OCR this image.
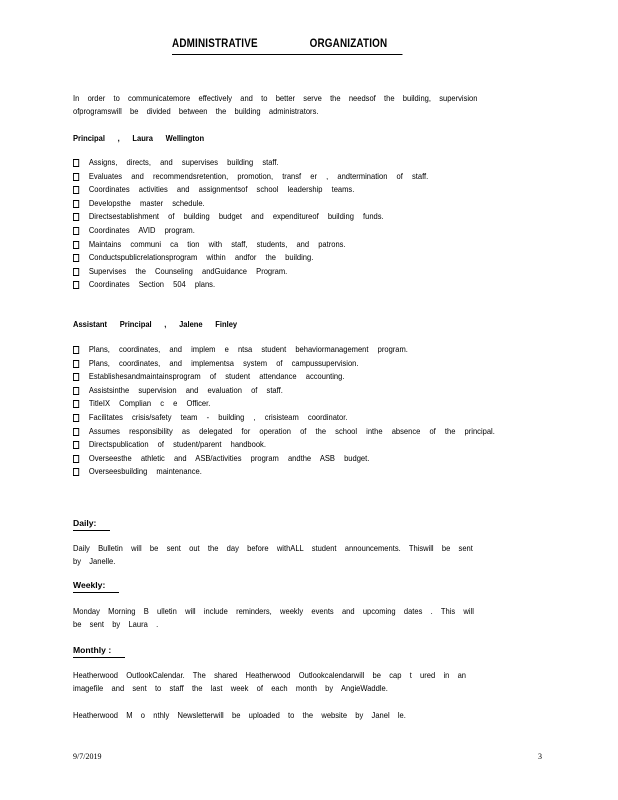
ADMINISTRATIVE	ORGANIZATION
In order to communicatemore effectively and to better serve the needsof the building, supervision ofprogramswill be divided between the building administrators.
Principal , Laura Wellington
Assigns, directs, and supervises building staff.
Evaluates and recommendsretention, promotion, transf er , andtermination of staff.
Coordinates activities and assignmentsof school leadership teams.
Developsthe master schedule.
Directsestablishment of building budget and expenditureof building funds.
Coordinates AVID program.
Maintains communi ca tion with staff, students, and patrons.
Conductspublicrelationsprogram within andfor the building.
Supervises the Counseling andGuidance Program.
Coordinates Section 504 plans.
Assistant Principal , Jalene Finley
Plans, coordinates, and implem e ntsa student behaviormanagement program.
Plans, coordinates, and implementsa system of campussupervision.
Establishesandmaintainsprogram of student attendance accounting.
Assistsinthe supervision and evaluation of staff.
TitleIX Complian c e Officer.
Facilitates crisis/safety team - building , crisisteam coordinator.
Assumes responsibility as delegated for operation of the school inthe absence of the principal.
Directspublication of student/parent handbook.
Overseesthe athletic and ASB/activities program andthe ASB budget.
Overseesbuilding maintenance.
Daily:
Daily Bulletin will be sent out the day before withALL student announcements. Thiswill be sent by Janelle.
Weekly:
Monday Morning B ulletin will include reminders, weekly events and upcoming dates . This will be sent by Laura .
Monthly :
Heatherwood OutlookCalendar. The shared Heatherwood Outlookcalendarwill be cap t ured in an imagefile and sent to staff the last week of each month by AngieWaddle.
Heatherwood M o nthly Newsletterwill be uploaded to the website by Janel le.
9/7/2019	3
